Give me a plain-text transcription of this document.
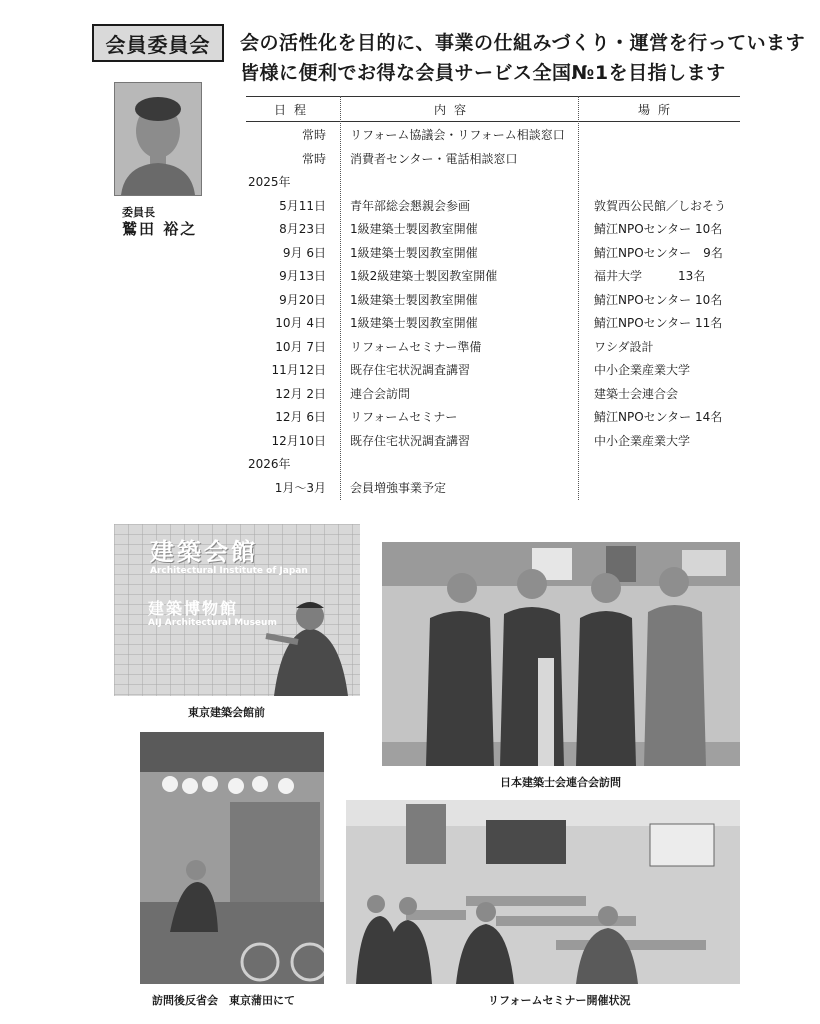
会員委員会	会の活性化を目的に、事業の仕組みづくり・運営を行っています
皆様に便利でお得な会員サービス全国№1を目指します
委員長
鷲田 裕之
日程	内容	場所
常時 リフォーム協議会・リフォーム相談窓口
常時 消費者センター・電話相談窓口
2025年
5月11日 青年部総会懇親会参画	敦賀西公民館／しおそう
8月23日 1級建築士製図教室開催	鯖江NPOセンター 10名
9月 6日 1級建築士製図教室開催	鯖江NPOセンター　9名
9月13日 1級2級建築士製図教室開催	福井大学　　　13名
9月20日 1級建築士製図教室開催	鯖江NPOセンター 10名
10月 4日 1級建築士製図教室開催	鯖江NPOセンター 11名
10月 7日 リフォームセミナー準備	ワシダ設計
11月12日 既存住宅状況調査講習	中小企業産業大学
12月 2日 連合会訪問	建築士会連合会
12月 6日 リフォームセミナー	鯖江NPOセンター 14名
12月10日 既存住宅状況調査講習	中小企業産業大学
2026年
1月～3月 会員増強事業予定
建築会館
Architectural Institute of Japan
建築博物館
AIJ Architectural Museum
東京建築会館前
日本建築士会連合会訪問
訪問後反省会　東京蒲田にて	リフォームセミナー開催状況
